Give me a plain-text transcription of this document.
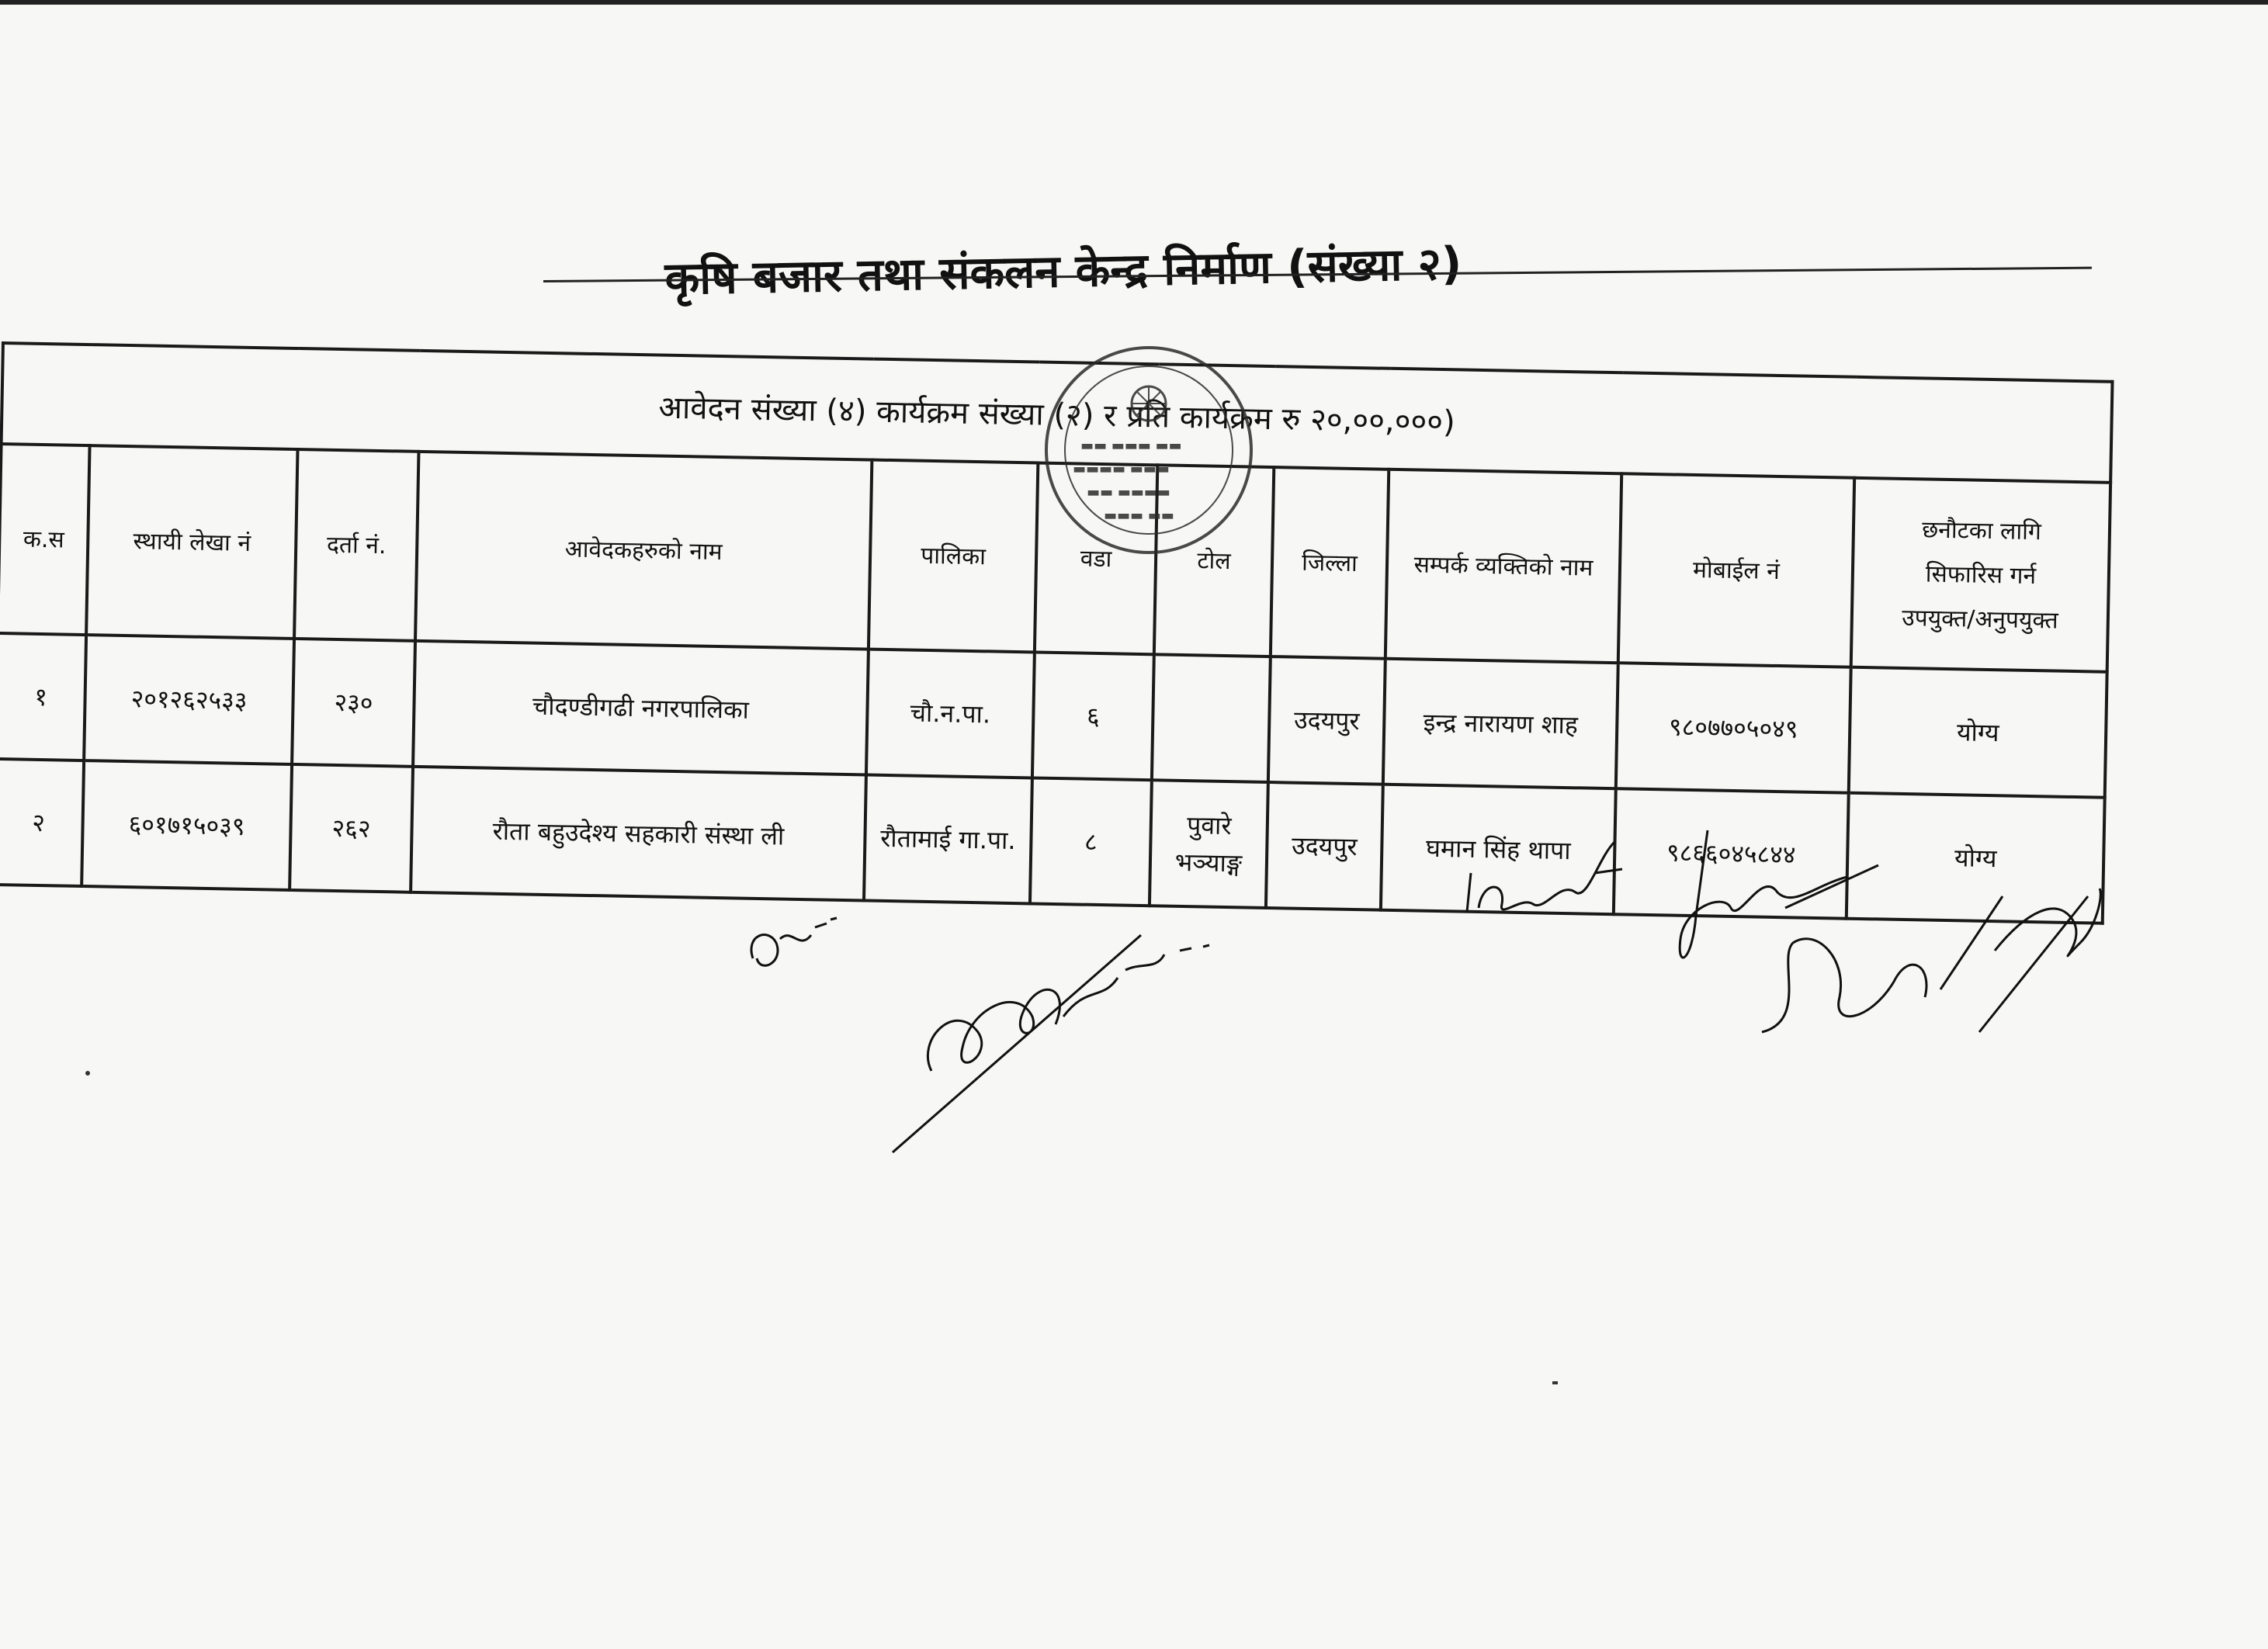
कृषि बजार तथा संकलन केन्द्र निर्माण (संख्या २)
आवेदन संख्या (४) कार्यक्रम संख्या (२) र प्रति कार्यक्रम रु २०,००,०००)										
क.स	स्थायी लेखा नं	दर्ता नं.	आवेदकहरुको नाम	पालिका	वडा	टोल	जिल्ला	सम्पर्क व्यक्तिको नाम	मोबाईल नं	छनौटका लागि
सिफारिस गर्न
उपयुक्त/अनुपयुक्त

१	२०१२६२५३३	२३०	चौदण्डीगढी नगरपालिका	चौ.न.पा.	६		उदयपुर	इन्द्र नारायण शाह	९८०७७०५०४९	योग्य
२	६०१७१५०३९	२६२	रौता बहुउदेश्य सहकारी संस्था ली	रौतामाई गा.पा.	८	पुवारे
भञ्याङ्ग	उदयपुर	घमान सिंह थापा	९८६६०४५८४४	योग्य
▬▬ ▬▬▬ ▬▬
▬▬▬▬ ▬▬▬
▬▬ ▬▬▬▬
▬▬▬ ▬▬
